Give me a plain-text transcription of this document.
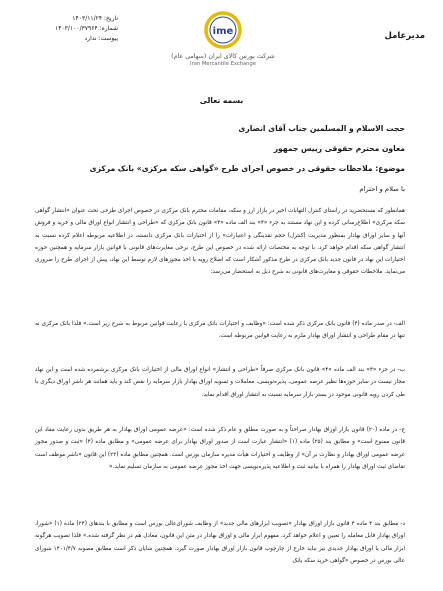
مدیرعامل
ime
شرکت بورس کالای ایران (سهامی عام)
Iran Mercantile Exchange
تاریخ: ۱۴۰۳/۱۱/۲۴
شماره: ۱۴۰۳/۱۰۰/۳۷۹۶۴
پیوست: ندارد
بسمه تعالی
حجت الاسلام و المسلمین جناب آقای انصاری
معاون محترم حقوقی رییس جمهور
موضوع: ملاحظات حقوقی در خصوص اجرای طرح «گواهی سکه مرکزی» بانک مرکزی
با سلام و احترام
همانطور که مستحضرید در راستای کنترل التهابات اخیر در بازار ارز و سکه، مقامات محترم بانک مرکزی در خصوص اجرای طرحی تحت عنوان «انتشار گواهی سکه مرکزی» اطلاع‌رسانی کرده و این نهاد مستند به جزء «۴» بند الف ماده «۴» قانون بانک مرکزی که «طراحی و انتشار انواع اوراق مالی و خرید و فروش آنها و سایر اوراق بهادار بمنظور مدیریت (کنترل) حجم نقدینگی و اعتبارات» را از اختیارات بانک مرکزی دانسته، در اطلاعیه مربوطه اعلام کرده نسبت به انتشار گواهی سکه اقدام خواهد کرد. با توجه به مختصات ارائه شده در خصوص این طرح، برخی مغایرت‌های قانونی با قوانین بازار سرمایه و همچنین حوزه اختیارات این نهاد در قانون جدید بانک مرکزی در طرح مذکور آشکار است که اصلاح رویه یا اخذ مجوزهای لازم توسط این نهاد، پیش از اجرای طرح را ضروری می‌نماید. ملاحظات حقوقی و مغایرت‌های قانونی به شرح ذیل به استحضار می‌رسد:
الف- در صدر ماده (۴) قانون بانک مرکزی ذکر شده است: «وظایف و اختیارات بانک مرکزی با رعایت قوانین مربوط به شرح زیر است.» فلذا بانک مرکزی نه تنها در مقام طراحی و انتشار اوراق بهادار ملزم به رعایت قوانین مربوطه است.
ب- در جزء «۴» بند الف ماده «۴» قانون بانک مرکزی صرفاً «طراحی و انتشار» انواع اوراق مالی از اختیارات بانک مرکزی برشمرده شده است و این نهاد مجاز نیست در سایر حوزه‌ها نظیر عرضه عمومی، پذیره‌نویسی، معاملات و تسویه اوراق بهادار بازار سرمایه را نقض کند و باید همانند هر ناشر اوراق دیگری با طی کردن رویه قانونی موجود در بستر بازار سرمایه نسبت به انتشار اوراق اقدام نماید.
ج- در ماده (۲۰) قانون بازار اوراق بهادار صراحتاً و به صورت مطلق و عام ذکر شده است: «عرضه عمومی اوراق بهادار به هر طریق بدون رعایت مفاد این قانون ممنوع است» و مطابق بند (۲۵) ماده (۱) «انتشار عبارت است از صدور اوراق بهادار برای عرضه عمومی» و مطابق ماده (۴) «ثبت و صدور مجوز عرضه عمومی اوراق بهادار و نظارت بر آن» از وظایف و اختیارات هیأت مدیره سازمان بورس است. همچنین مطابق ماده (۲۲) این قانون «ناشر موظف است تقاضای ثبت اوراق بهادار را همراه با بیانیه ثبت و اطلاعیه پذیره‌نویسی جهت اخذ مجوز عرضه عمومی به سازمان تسلیم نماید.»
د- مطابق بند ۴ ماده ۴ قانون بازار اوراق بهادار «تصویب ابزارهای مالی جدید» از وظایف شورای‌عالی بورس است و مطابق با بندهای (۲۴) ماده (۱) «شورا، اوراق بهادار قابل معامله را تعیین و اعلام خواهد کرد. مفهوم ابزار مالی و اوراق بهادار در متن این قانون، معادل هم در نظر گرفته شده.» فلذا تصویب هرگونه ابزار مالی یا اوراق بهادار جدیدی نیز نباید خارج از چارچوب قانون بازار اوراق بهادار صورت گیرد. همچنین شایان ذکر است مطابق مصوبه ۱۴۰۱/۴/۷ شورای عالی بورس در خصوص «گواهی خرید سکه بانک
